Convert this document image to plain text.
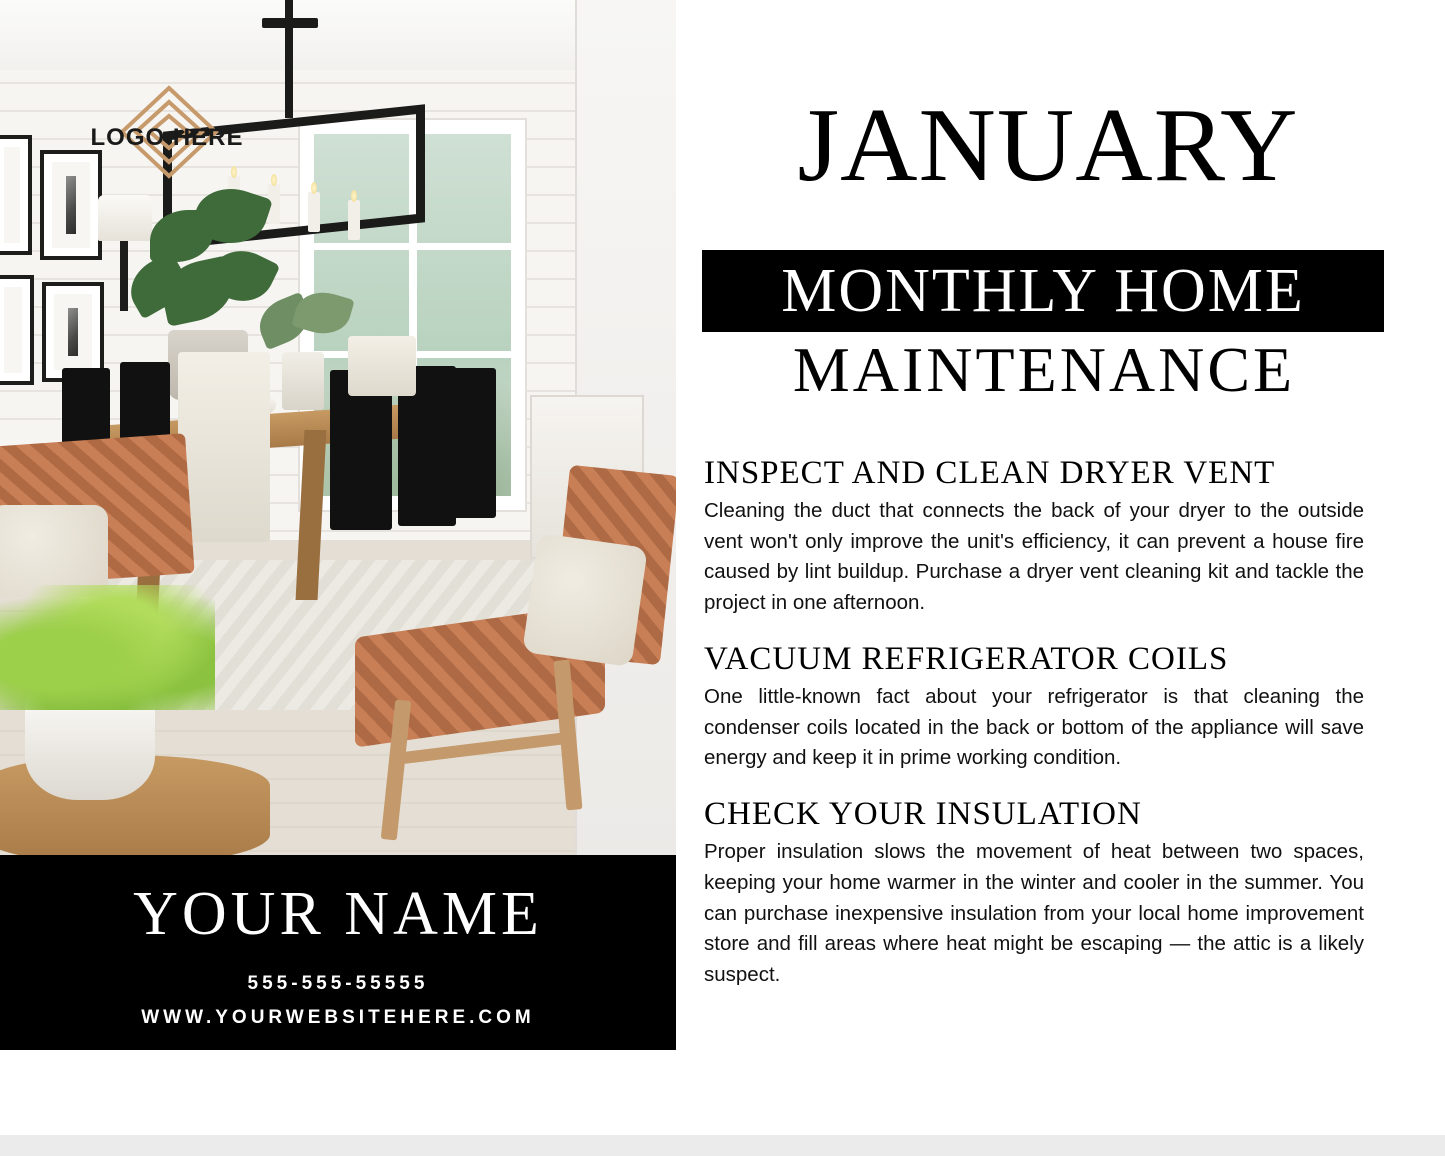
LOGO HERE
YOUR NAME
555-555-55555
WWW.YOURWEBSITEHERE.COM
JANUARY
MONTHLY HOME
MAINTENANCE
INSPECT AND CLEAN DRYER VENT

Cleaning the duct that connects the back of your dryer to the outside vent won't only improve the unit's efficiency, it can prevent a house fire caused by lint buildup. Purchase a dryer vent cleaning kit and tackle the project in one afternoon.

VACUUM REFRIGERATOR COILS

One little-known fact about your refrigerator is that cleaning the condenser coils located in the back or bottom of the appliance will save energy and keep it in prime working condition.

CHECK YOUR INSULATION

Proper insulation slows the movement of heat between two spaces, keeping your home warmer in the winter and cooler in the summer. You can purchase inexpensive insulation from your local home improvement store and fill areas where heat might be escaping — the attic is a likely suspect.
